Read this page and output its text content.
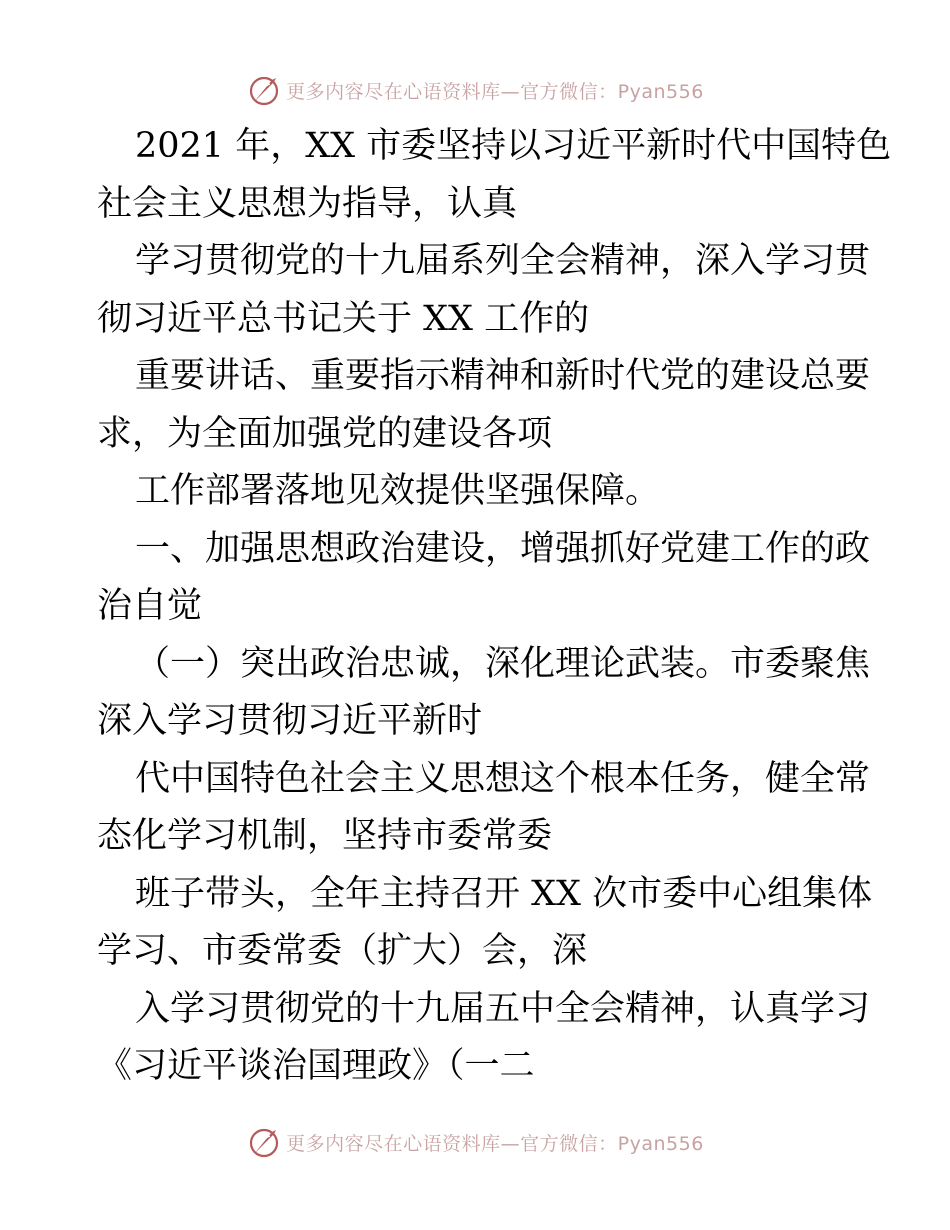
更多内容尽在心语资料库—官方微信：Pyan556
2021 年，XX 市委坚持以习近平新时代中国特色
社会主义思想为指导，认真
学习贯彻党的十九届系列全会精神，深入学习贯
彻习近平总书记关于 XX 工作的
重要讲话、重要指示精神和新时代党的建设总要
求，为全面加强党的建设各项
工作部署落地见效提供坚强保障。
一、加强思想政治建设，增强抓好党建工作的政
治自觉
（一）突出政治忠诚，深化理论武装。市委聚焦
深入学习贯彻习近平新时
代中国特色社会主义思想这个根本任务，健全常
态化学习机制，坚持市委常委
班子带头，全年主持召开 XX 次市委中心组集体
学习、市委常委（扩大）会，深
入学习贯彻党的十九届五中全会精神，认真学习
《习近平谈治国理政》（一二
更多内容尽在心语资料库—官方微信：Pyan556
